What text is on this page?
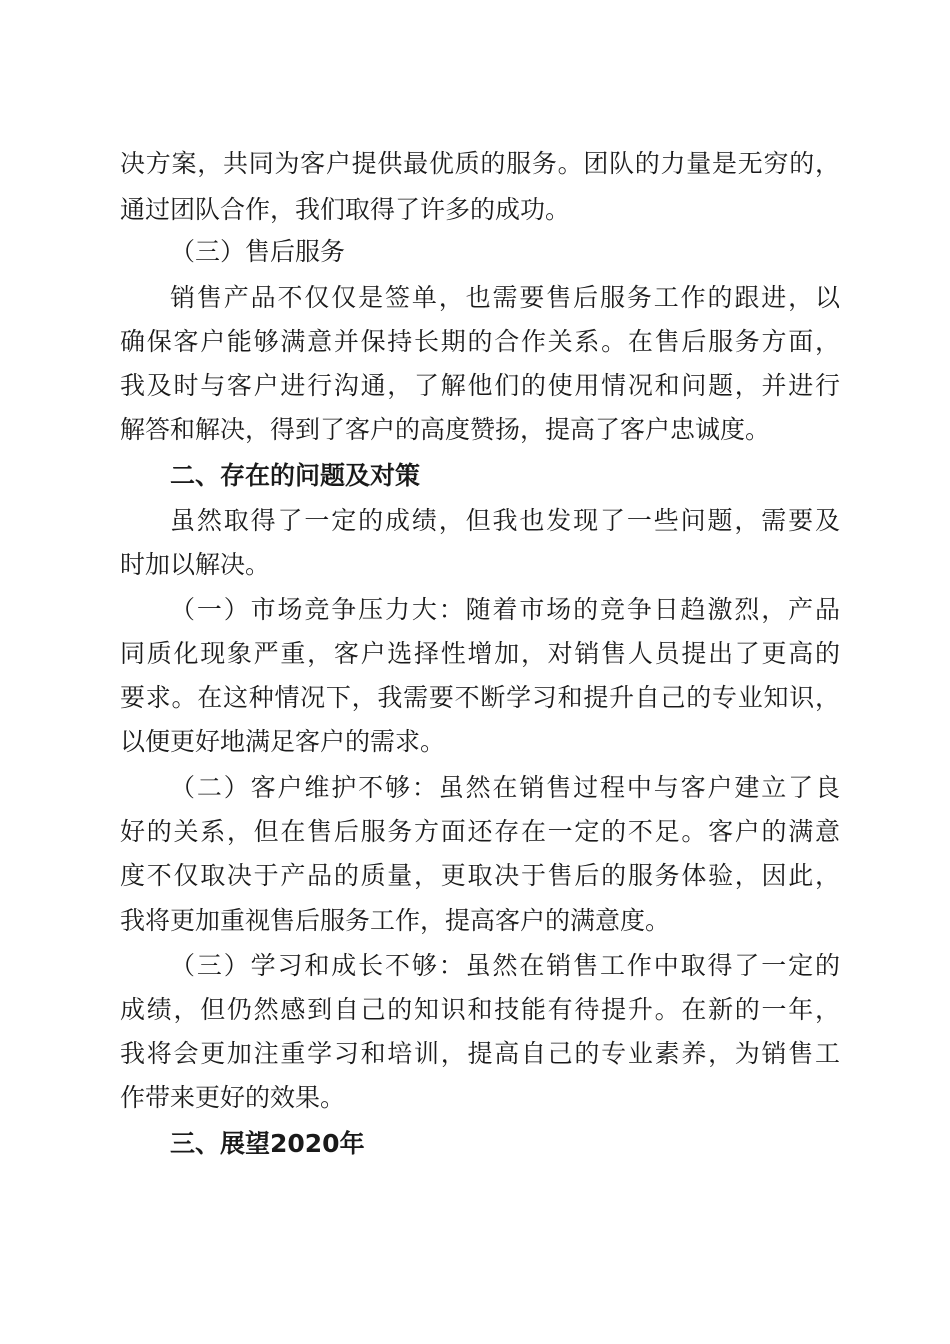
决方案，共同为客户提供最优质的服务。团队的力量是无穷的，
通过团队合作，我们取得了许多的成功。
（三）售后服务
销售产品不仅仅是签单，也需要售后服务工作的跟进，以
确保客户能够满意并保持长期的合作关系。在售后服务方面，
我及时与客户进行沟通，了解他们的使用情况和问题，并进行
解答和解决，得到了客户的高度赞扬，提高了客户忠诚度。
二、存在的问题及对策
虽然取得了一定的成绩，但我也发现了一些问题，需要及
时加以解决。
（一）市场竞争压力大：随着市场的竞争日趋激烈，产品
同质化现象严重，客户选择性增加，对销售人员提出了更高的
要求。在这种情况下，我需要不断学习和提升自己的专业知识，
以便更好地满足客户的需求。
（二）客户维护不够：虽然在销售过程中与客户建立了良
好的关系，但在售后服务方面还存在一定的不足。客户的满意
度不仅取决于产品的质量，更取决于售后的服务体验，因此，
我将更加重视售后服务工作，提高客户的满意度。
（三）学习和成长不够：虽然在销售工作中取得了一定的
成绩，但仍然感到自己的知识和技能有待提升。在新的一年，
我将会更加注重学习和培训，提高自己的专业素养，为销售工
作带来更好的效果。
三、展望2020年
